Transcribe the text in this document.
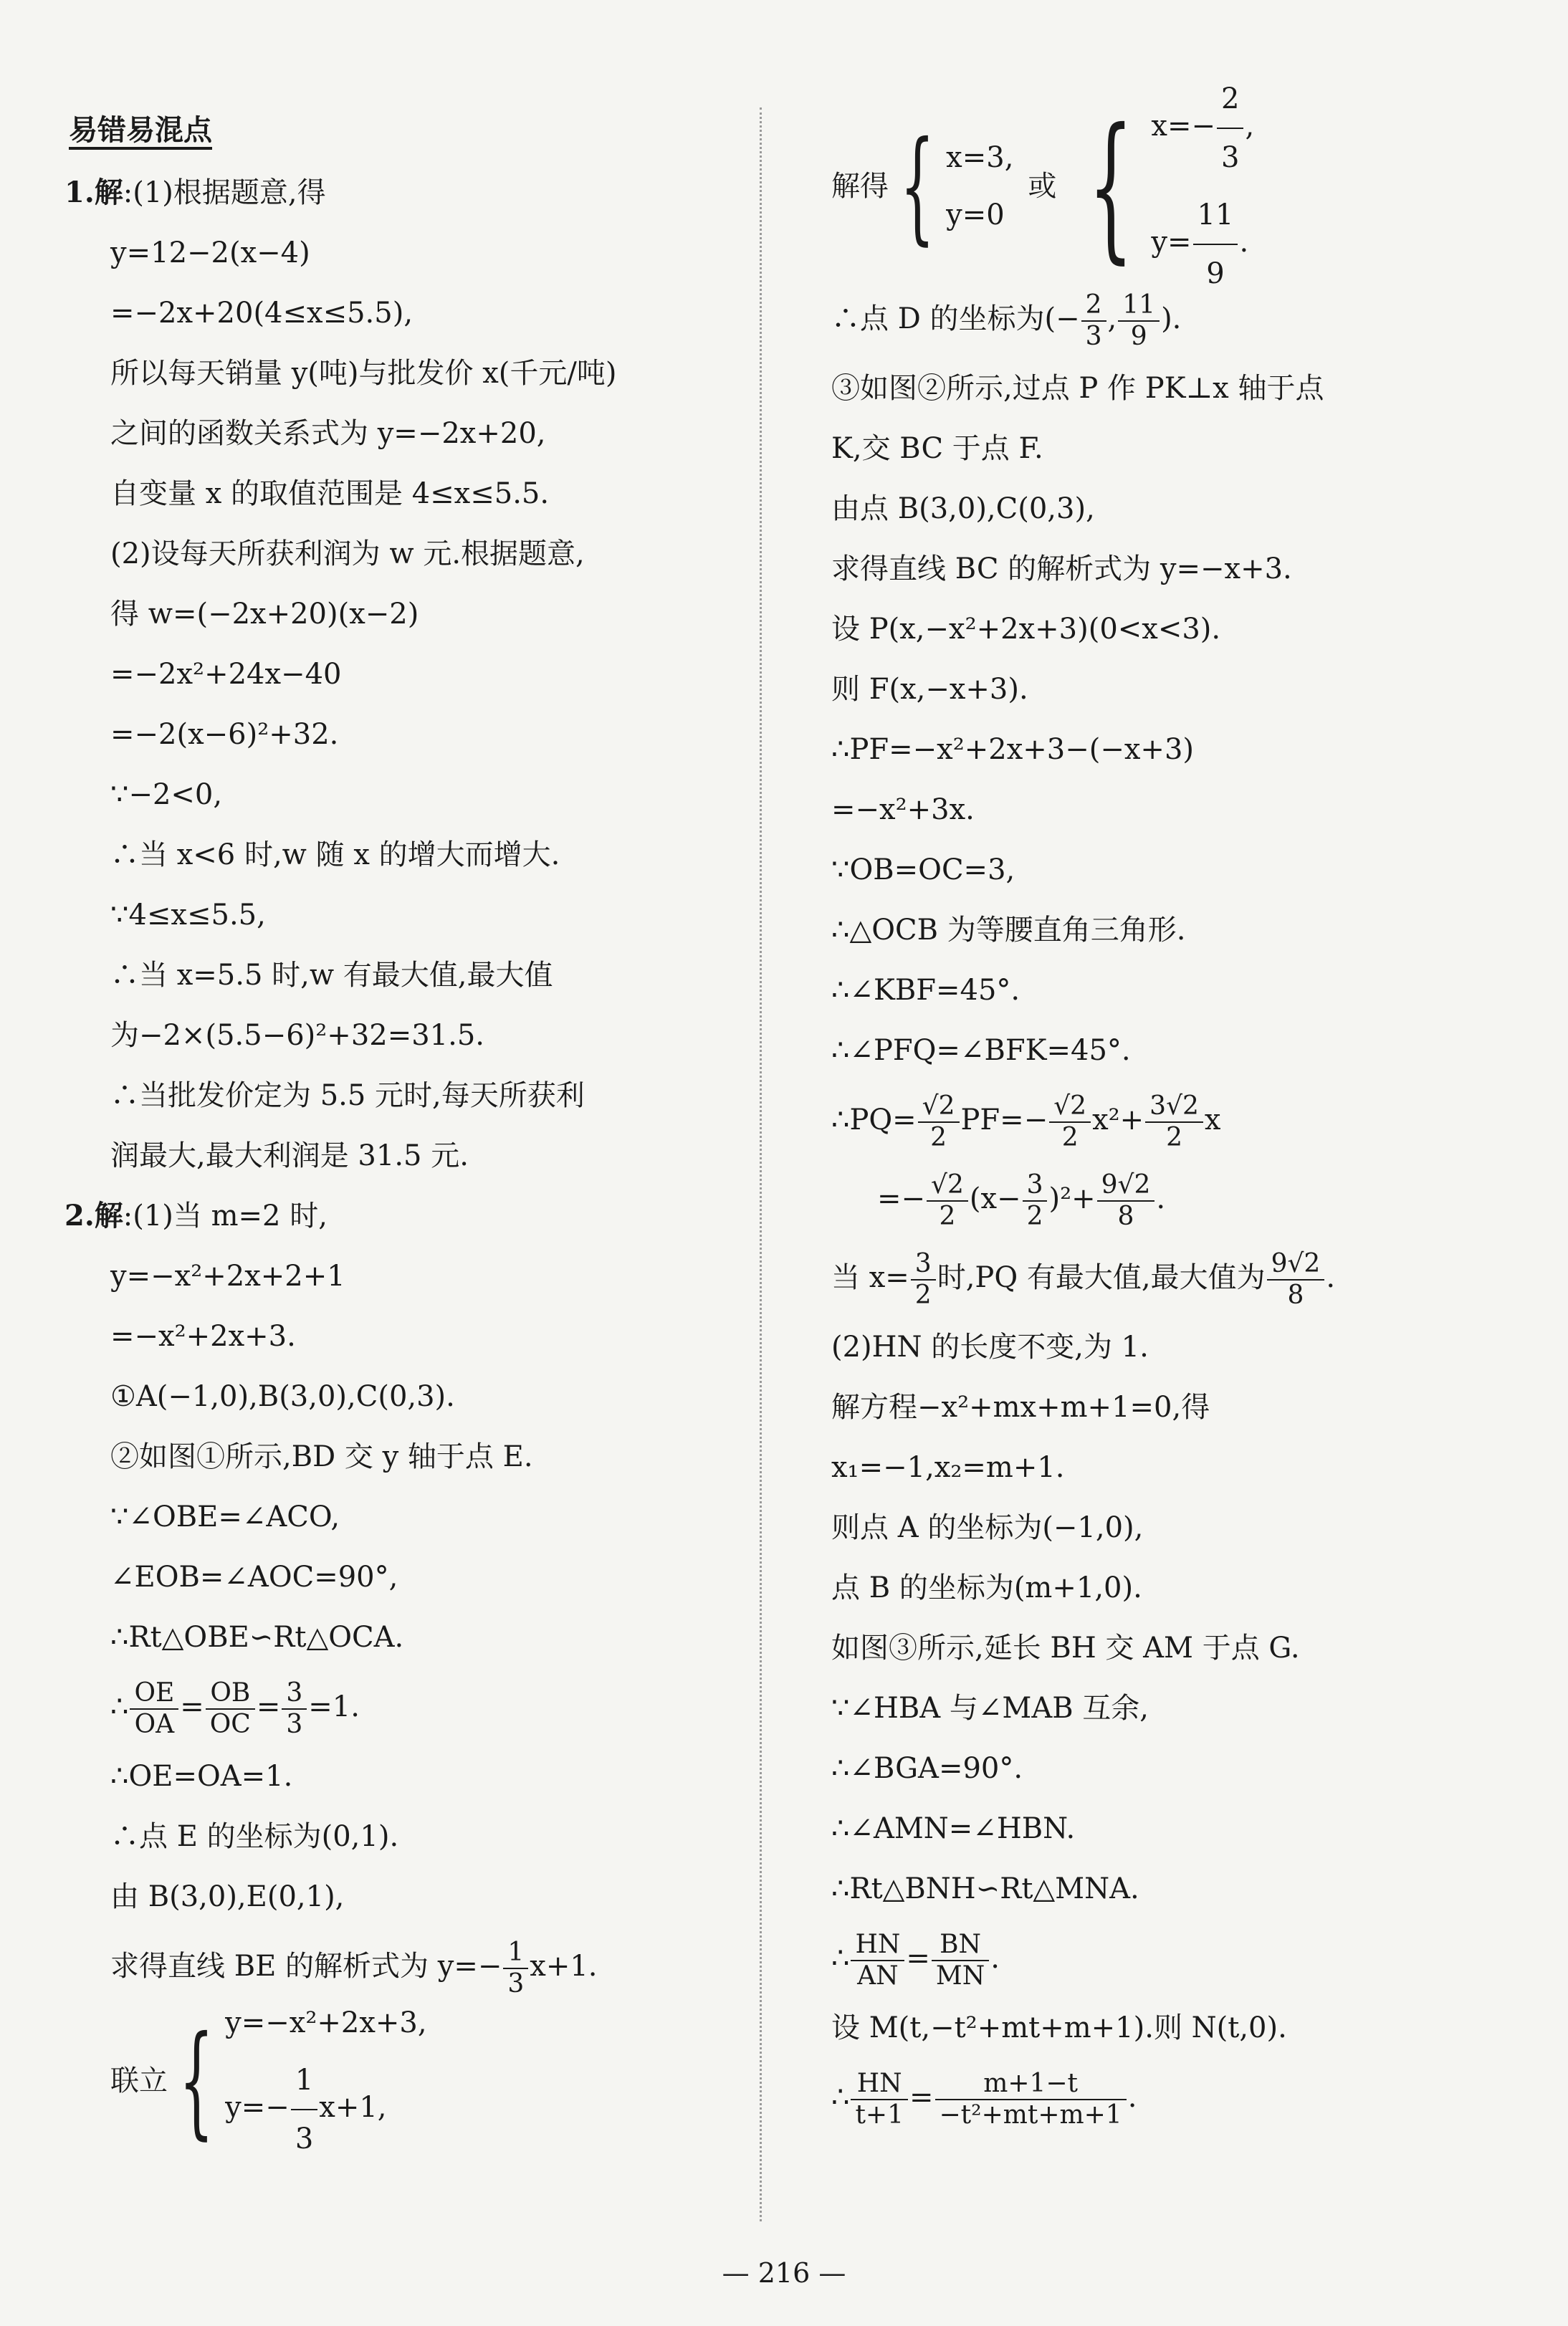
易错易混点
1.解:(1)根据题意,得
y=12−2(x−4)
=−2x+20(4≤x≤5.5),
所以每天销量 y(吨)与批发价 x(千元/吨)
之间的函数关系式为 y=−2x+20,
自变量 x 的取值范围是 4≤x≤5.5.
(2)设每天所获利润为 w 元.根据题意,
得 w=(−2x+20)(x−2)
=−2x²+24x−40
=−2(x−6)²+32.
∵−2<0,
∴当 x<6 时,w 随 x 的增大而增大.
∵4≤x≤5.5,
∴当 x=5.5 时,w 有最大值,最大值
为−2×(5.5−6)²+32=31.5.
∴当批发价定为 5.5 元时,每天所获利
润最大,最大利润是 31.5 元.
2.解:(1)当 m=2 时,
y=−x²+2x+2+1
=−x²+2x+3.
①A(−1,0),B(3,0),C(0,3).
②如图①所示,BD 交 y 轴于点 E.
∵∠OBE=∠ACO,
∠EOB=∠AOC=90°,
∴Rt△OBE∽Rt△OCA.
∴ $\frac{OE}{OA} = \frac{OB}{OC} = \frac{3}{3} =1$.
∴OE=OA=1.
∴点 E 的坐标为(0,1).
由 B(3,0),E(0,1),
求得直线 BE 的解析式为 $y=- \frac{1}{3} x+1$.
联立 { y=−x²+2x+3,
$y=- \frac{1}{3} x+1$,
解得 { x=3,
y=0
或 { $x=- \frac{2}{3}$ ,
$y= \frac{11}{9}$ .
∴点 D 的坐标为(− $\frac{2}{3}$ , $\frac{11}{9}$ ).
③如图②所示,过点 P 作 PK⊥x 轴于点
K,交 BC 于点 F.
由点 B(3,0),C(0,3),
求得直线 BC 的解析式为 y=−x+3.
设 P(x,−x²+2x+3)(0<x<3).
则 F(x,−x+3).
∴PF=−x²+2x+3−(−x+3)
=−x²+3x.
∵OB=OC=3,
∴△OCB 为等腰直角三角形.
∴∠KBF=45°.
∴∠PFQ=∠BFK=45°.
∴PQ= $\frac{√2}{2} PF=- \frac{√2}{2} x^2+ \frac{3√2}{2}$ x
=− $\frac{√2}{2} (x- \frac{3}{2} )^2+ \frac{9√2}{8}$ .
当 $x= \frac{3}{2}$ 时,PQ 有最大值,最大值为 $\frac{9√2}{8}$ .
(2)HN 的长度不变,为 1.
解方程−x²+mx+m+1=0,得
x₁=−1,x₂=m+1.
则点 A 的坐标为(−1,0),
点 B 的坐标为(m+1,0).
如图③所示,延长 BH 交 AM 于点 G.
∵∠HBA 与∠MAB 互余,
∴∠BGA=90°.
∴∠AMN=∠HBN.
∴Rt△BNH∽Rt△MNA.
∴ $\frac{HN}{AN} = \frac{BN}{MN}$ .
设 M(t,−t²+mt+m+1).则 N(t,0).
∴ $\frac{HN}{t+1} = \frac{m+1-t}{\text{−t²+mt+m+1}}$ .
— 216 —
